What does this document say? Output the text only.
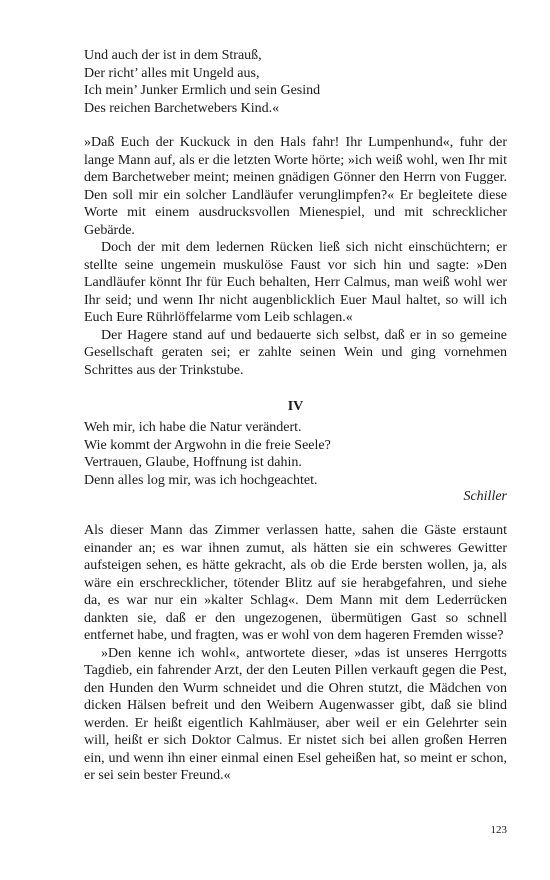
Und auch der ist in dem Strauß,
Der richt’ alles mit Ungeld aus,
Ich mein’ Junker Ermlich und sein Gesind
Des reichen Barchetwebers Kind.«

»Daß Euch der Kuckuck in den Hals fahr! Ihr Lumpenhund«, fuhr der lange Mann auf, als er die letzten Worte hörte; »ich weiß wohl, wen Ihr mit dem Barchetweber meint; meinen gnädigen Gönner den Herrn von Fugger. Den soll mir ein solcher Landläufer verunglimpfen?« Er begleitete diese Worte mit einem ausdrucksvollen Mienespiel, und mit schrecklicher Gebärde.

Doch der mit dem ledernen Rücken ließ sich nicht einschüchtern; er stellte seine ungemein muskulöse Faust vor sich hin und sagte: »Den Landläufer könnt Ihr für Euch behalten, Herr Calmus, man weiß wohl wer Ihr seid; und wenn Ihr nicht augenblicklich Euer Maul haltet, so will ich Euch Eure Rührlöffelarme vom Leib schlagen.«

Der Hagere stand auf und bedauerte sich selbst, daß er in so gemeine Gesellschaft geraten sei; er zahlte seinen Wein und ging vornehmen Schrittes aus der Trinkstube.

IV
Weh mir, ich habe die Natur verändert.
Wie kommt der Argwohn in die freie Seele?
Vertrauen, Glaube, Hoffnung ist dahin.
Denn alles log mir, was ich hochgeachtet.
Schiller

Als dieser Mann das Zimmer verlassen hatte, sahen die Gäste erstaunt einander an; es war ihnen zumut, als hätten sie ein schweres Gewitter aufsteigen sehen, es hätte gekracht, als ob die Erde bersten wollen, ja, als wäre ein erschrecklicher, tötender Blitz auf sie herabgefahren, und siehe da, es war nur ein »kalter Schlag«. Dem Mann mit dem Lederrücken dankten sie, daß er den ungezogenen, übermütigen Gast so schnell entfernet habe, und fragten, was er wohl von dem hageren Fremden wisse?

»Den kenne ich wohl«, antwortete dieser, »das ist unseres Herrgotts Tagdieb, ein fahrender Arzt, der den Leuten Pillen verkauft gegen die Pest, den Hunden den Wurm schneidet und die Ohren stutzt, die Mädchen von dicken Hälsen befreit und den Weibern Augenwasser gibt, daß sie blind werden. Er heißt eigentlich Kahlmäuser, aber weil er ein Gelehrter sein will, heißt er sich Doktor Calmus. Er nistet sich bei allen großen Herren ein, und wenn ihn einer einmal einen Esel geheißen hat, so meint er schon, er sei sein bester Freund.«

123
